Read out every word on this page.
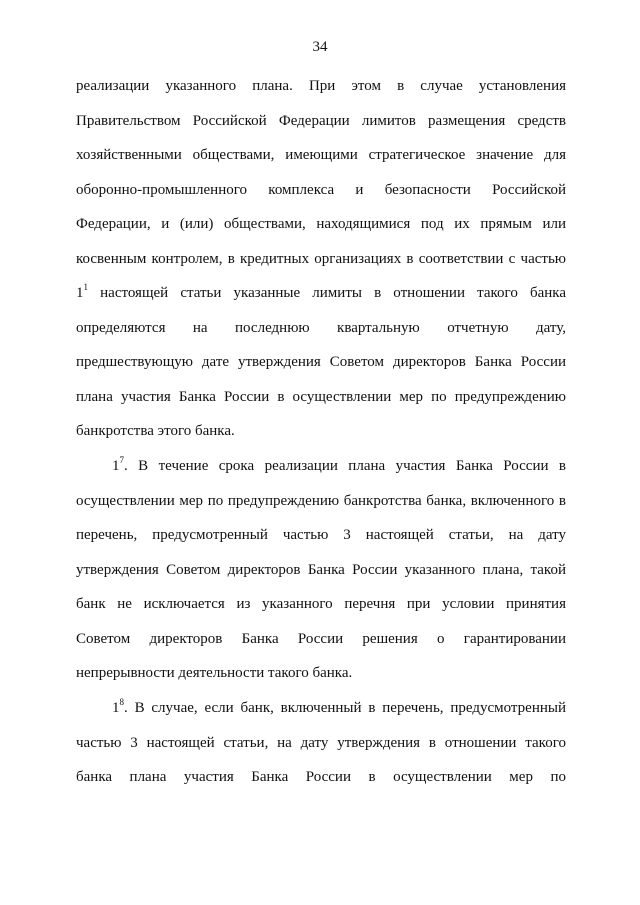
34
реализации указанного плана. При этом в случае установления
Правительством Российской Федерации лимитов размещения средств
хозяйственными обществами, имеющими стратегическое значение для
оборонно-промышленного комплекса и безопасности Российской
Федерации, и (или) обществами, находящимися под их прямым или
косвенным контролем, в кредитных организациях в соответствии с частью
$1^1$ настоящей статьи указанные лимиты в отношении такого банка
определяются на последнюю квартальную отчетную дату,
предшествующую дате утверждения Советом директоров Банка России
плана участия Банка России в осуществлении мер по предупреждению
банкротства этого банка.
$1^7$. В течение срока реализации плана участия Банка России в
осуществлении мер по предупреждению банкротства банка, включенного в
перечень, предусмотренный частью 3 настоящей статьи, на дату
утверждения Советом директоров Банка России указанного плана, такой
банк не исключается из указанного перечня при условии принятия
Советом директоров Банка России решения о гарантировании
непрерывности деятельности такого банка.
$1^8$. В случае, если банк, включенный в перечень, предусмотренный
частью 3 настоящей статьи, на дату утверждения в отношении такого
банка плана участия Банка России в осуществлении мер по
